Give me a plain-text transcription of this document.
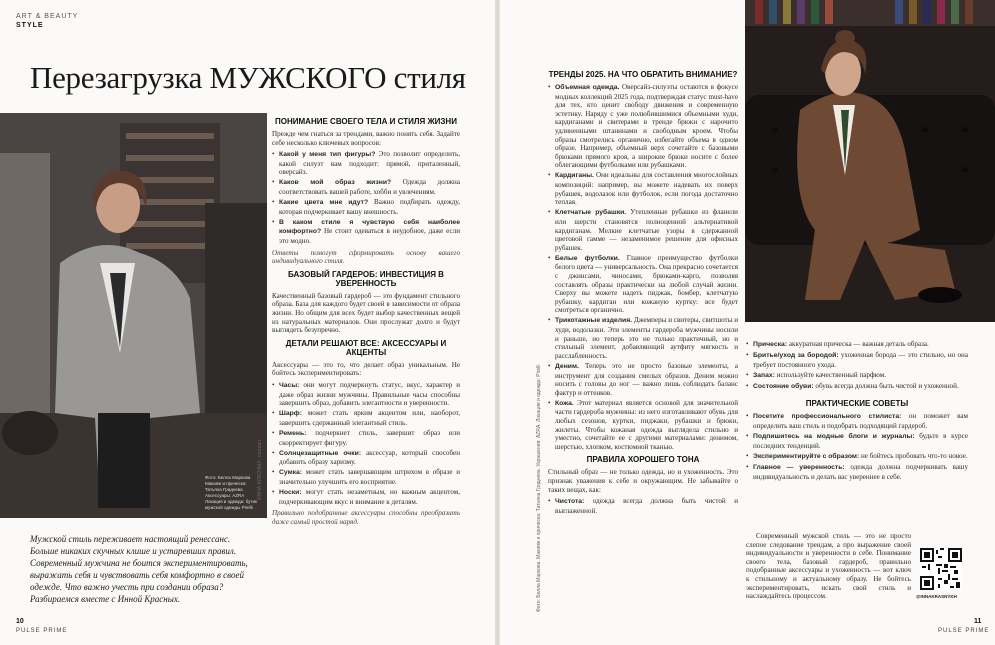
ART & BEAUTY
STYLE
Перезагрузка МУЖСКОГО стиля
Фото: Белла Маркова
Макияж и прическа:
Татьяна Гриднева
Аксессуары: AZRA
Локация и одежда: бутик
мужской одежды Pirelli
ИННА КРАСНЫХ, стилист
Мужской стиль переживает настоящий ренессанс. Больше никаких скучных клише и устаревших правил. Современный мужчина не боится экспериментировать, выражать себя и чувствовать себя комфортно в своей одежде. Что важно учесть при создании образа? Разбираемся вместе с Инной Красных.
ПОНИМАНИЕ СВОЕГО ТЕЛА И СТИЛЯ ЖИЗНИ

Прежде чем гнаться за трендами, важно понять себя. Задайте себе несколько ключевых вопросов:

• Какой у меня тип фигуры? Это позволит определить, какой силуэт вам подходит: прямой, приталенный, оверсайз.
• Каков мой образ жизни? Одежда должна соответствовать вашей работе, хобби и увлечениям.
• Какие цвета мне идут? Важно подбирать одежду, которая подчеркивает вашу внешность.
• В каком стиле я чувствую себя наиболее комфортно? Не стоит одеваться в неудобное, даже если это модно.

Ответы помогут сформировать основу вашего индивидуального стиля.

БАЗОВЫЙ ГАРДЕРОБ: ИНВЕСТИЦИЯ В УВЕРЕННОСТЬ

Качественный базовый гардероб — это фундамент стильного образа. База для каждого будет своей в зависимости от образа жизни. Но общим для всех будет выбор качественных вещей из натуральных материалов. Они прослужат долго и будут выглядеть безупречно.

ДЕТАЛИ РЕШАЮТ ВСЕ: АКСЕССУАРЫ И АКЦЕНТЫ

Аксессуары — это то, что делает образ уникальным. Не бойтесь экспериментировать:

• Часы: они могут подчеркнуть статус, вкус, характер и даже образ жизни мужчины. Правильные часы способны завершить образ, добавить элегантности и уверенности.
• Шарф: может стать ярким акцентом или, наоборот, завершить сдержанный элегантный стиль.
• Ремень: подчеркнет стиль, завершит образ или скорректирует фигуру.
• Солнцезащитные очки: аксессуар, который способен добавить образу харизму.
• Сумка: может стать завершающим штрихом в образе и значительно улучшить его восприятие.
• Носки: могут стать незаметным, но важным акцентом, подчеркивающим вкус и внимание к деталям.

Правильно подобранные аксессуары способны преобразить даже самый простой наряд.

10
PULSE PRIME
ТРЕНДЫ 2025. НА ЧТО ОБРАТИТЬ ВНИМАНИЕ?
• Объемная одежда. Оверсайз-силуэты остаются в фокусе модных коллекций 2025 года, подтверждая статус must-have для тех, кто ценит свободу движения и современную эстетику. Наряду с уже полюбившимися объемными худи, кардиганами и свитерами в тренде брюки с нарочито удлиненными штанинами и свободным кроем. Чтобы образы смотрелись органично, избегайте объема в одном образе. Например, объемный верх сочетайте с базовыми брюками прямого кроя, а широкие брюки носите с более облегающими футболками или рубашками.
• Кардиганы. Они идеальны для составления многослойных композиций: например, вы можете надевать их поверх рубашек, водолазок или футболок, если погода достаточно теплая.
• Клетчатые рубашки. Утепленные рубашки из фланели или шерсти становятся полноценной альтернативой кардиганам. Мелкие клетчатые узоры в сдержанной цветовой гамме — незаменимое решение для офисных рубашек.
• Белые футболки. Главное преимущество футболки белого цвета — универсальность. Она прекрасно сочетается с джинсами, чиносами, брюками-карго, позволяя составлять образы практически на любой случай жизни. Сверху вы можете надеть пиджак, бомбер, клетчатую рубашку, кардиган или кожаную куртку: все будет смотреться органично.
• Трикотажные изделия. Джемперы и свитеры, свитшоты и худи, водолазки. Эти элементы гардероба мужчины носили и раньше, но теперь это не только практичный, но и стильный элемент, добавляющий аутфиту мягкость и расслабленность.
• Деним. Теперь это не просто базовые элементы, а инструмент для создания смелых образов. Деним можно носить с головы до ног — важно лишь соблюдать баланс фактур и оттенков.
• Кожа. Этот материал является основой для значительной части гардероба мужчины: из него изготавливают обувь для любых сезонов, куртки, пиджаки, рубашки и брюки, жилеты. Чтобы кожаная одежда выглядела стильно и уместно, сочетайте ее с другими материалами: денимом, шерстью, хлопком, костюмной тканью.
ПРАВИЛА ХОРОШЕГО ТОНА

Стильный образ — не только одежда, но и ухоженность. Это признак уважения к себе и окружающим. Не забывайте о таких вещах, как:

• Чистота: одежда всегда должна быть чистой и выглаженной.
Фото: Белла Маркова. Макияж и прическа: Татьяна Гриднева. Украшения: AZRA. Локация и одежда: Pirelli
• Прическа: аккуратная прическа — важная деталь образа.
• Бритье/уход за бородой: ухоженная борода — это стильно, но она требует постоянного ухода.
• Запах: используйте качественный парфюм.
• Состояние обуви: обувь всегда должна быть чистой и ухоженной.
ПРАКТИЧЕСКИЕ СОВЕТЫ
• Посетите профессионального стилиста: он поможет вам определить ваш стиль и подобрать подходящий гардероб.
• Подпишитесь на модные блоги и журналы: будьте в курсе последних тенденций.
• Экспериментируйте с образом: не бойтесь пробовать что-то новое.
• Главное — уверенность: одежда должна подчеркивать вашу индивидуальность и делать вас увереннее в себе.

Современный мужской стиль — это не просто слепое следование трендам, а про выражение своей индивидуальности и уверенности в себе. Понимание своего тела, базовый гардероб, правильно подобранные аксессуары и ухоженность — вот ключ к стильному и актуальному образу. Не бойтесь экспериментировать, искать свой стиль и наслаждайтесь процессом.	@INNAKRASNYKH
11
PULSE PRIME
